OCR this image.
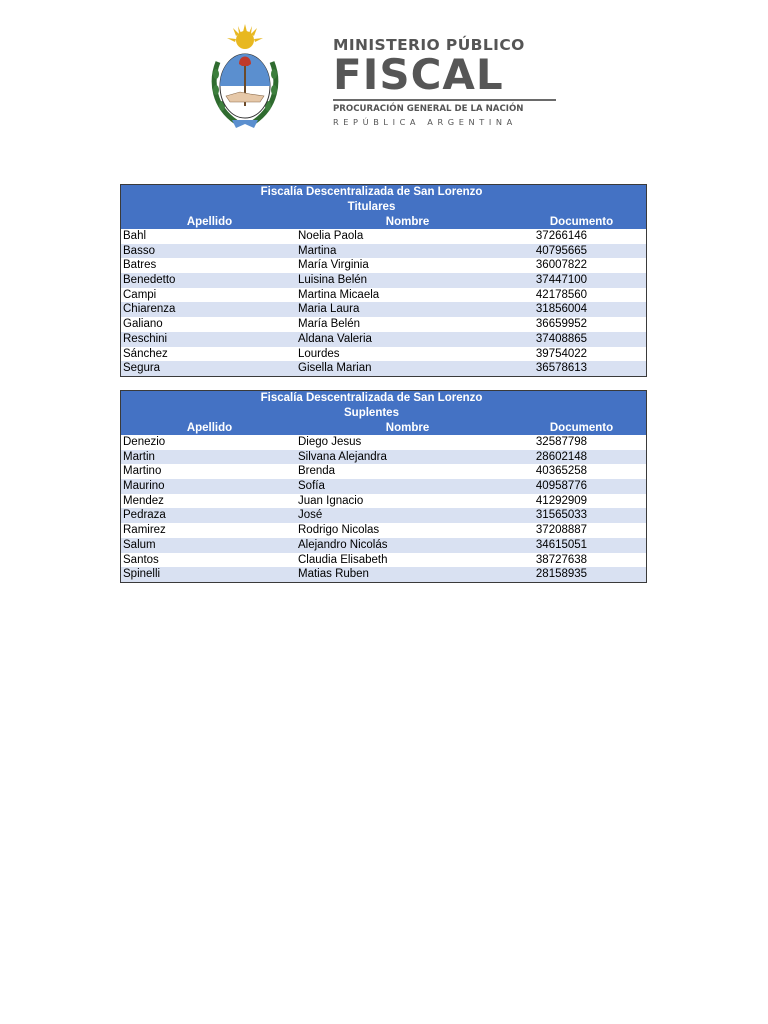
MINISTERIO PÚBLICO
FISCAL
PROCURACIÓN GENERAL DE LA NACIÓN
REPÚBLICA ARGENTINA
Fiscalía Descentralizada de San Lorenzo
Titulares
Apellido	Nombre	Documento
Bahl	Noelia Paola	37266146
Basso	Martina	40795665
Batres	María Virginia	36007822
Benedetto	Luisina Belén	37447100
Campi	Martina Micaela	42178560
Chiarenza	Maria Laura	31856004
Galiano	María Belén	36659952
Reschini	Aldana Valeria	37408865
Sánchez	Lourdes	39754022
Segura	Gisella Marian	36578613
Fiscalía Descentralizada de San Lorenzo
Suplentes
Apellido	Nombre	Documento
Denezio	Diego Jesus	32587798
Martin	Silvana Alejandra	28602148
Martino	Brenda	40365258
Maurino	Sofía	40958776
Mendez	Juan Ignacio	41292909
Pedraza	José	31565033
Ramirez	Rodrigo Nicolas	37208887
Salum	Alejandro Nicolás	34615051
Santos	Claudia Elisabeth	38727638
Spinelli	Matias Ruben	28158935
